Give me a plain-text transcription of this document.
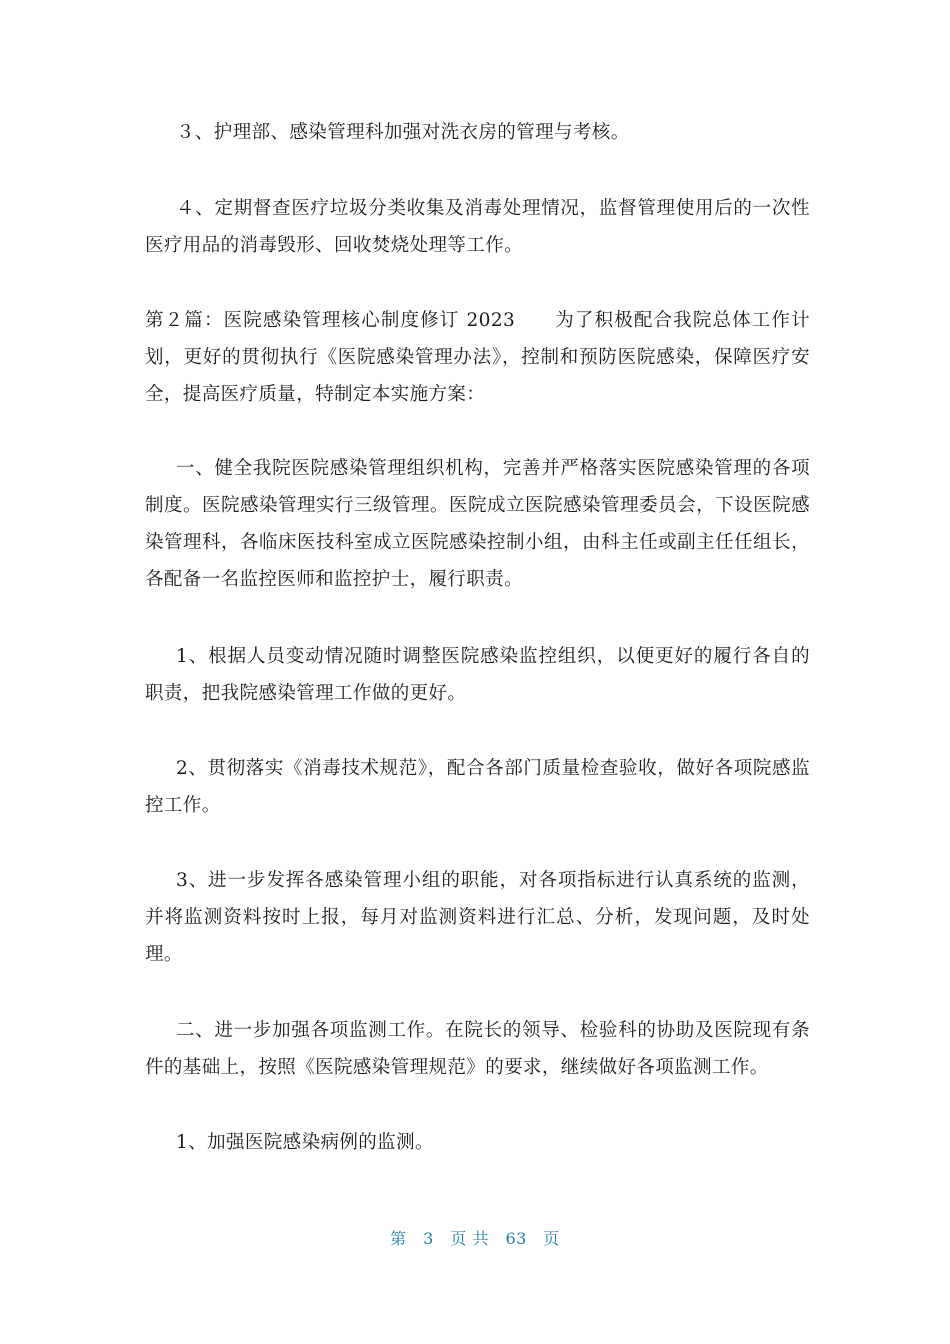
３、护理部、感染管理科加强对洗衣房的管理与考核。

４、定期督查医疗垃圾分类收集及消毒处理情况，监督管理使用后的一次性医疗用品的消毒毁形、回收焚烧处理等工作。

第２篇：医院感染管理核心制度修订 2023　　为了积极配合我院总体工作计划，更好的贯彻执行《医院感染管理办法》，控制和预防医院感染，保障医疗安全，提高医疗质量，特制定本实施方案：

一、健全我院医院感染管理组织机构，完善并严格落实医院感染管理的各项制度。医院感染管理实行三级管理。医院成立医院感染管理委员会，下设医院感染管理科，各临床医技科室成立医院感染控制小组，由科主任或副主任任组长，各配备一名监控医师和监控护士，履行职责。

1、根据人员变动情况随时调整医院感染监控组织，以便更好的履行各自的职责，把我院感染管理工作做的更好。

2、贯彻落实《消毒技术规范》，配合各部门质量检查验收，做好各项院感监控工作。

3、进一步发挥各感染管理小组的职能，对各项指标进行认真系统的监测，并将监测资料按时上报，每月对监测资料进行汇总、分析，发现问题，及时处理。

二、进一步加强各项监测工作。在院长的领导、检验科的协助及医院现有条件的基础上，按照《医院感染管理规范》的要求，继续做好各项监测工作。

1、加强医院感染病例的监测。

第　3　页 共　63　页
